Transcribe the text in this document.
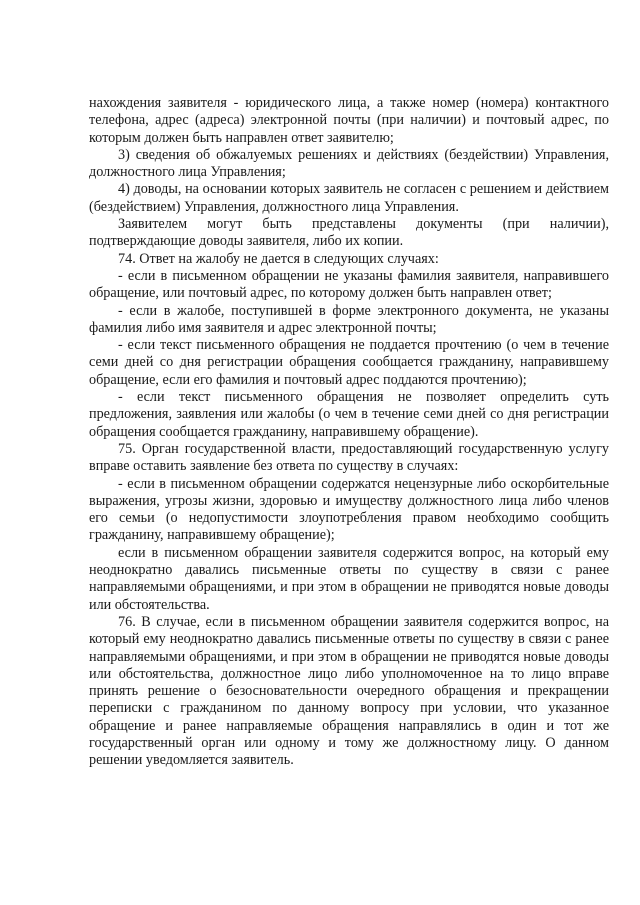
нахождения заявителя - юридического лица, а также номер (номера) контактного телефона, адрес (адреса) электронной почты (при наличии) и почтовый адрес, по которым должен быть направлен ответ заявителю;

3) сведения об обжалуемых решениях и действиях (бездействии) Управления, должностного лица Управления;

4) доводы, на основании которых заявитель не согласен с решением и действием (бездействием) Управления, должностного лица Управления.

Заявителем могут быть представлены документы (при наличии), подтверждающие доводы заявителя, либо их копии.

74. Ответ на жалобу не дается в следующих случаях:

- если в письменном обращении не указаны фамилия заявителя, направившего обращение, или почтовый адрес, по которому должен быть направлен ответ;

- если в жалобе, поступившей в форме электронного документа, не указаны фамилия либо имя заявителя и адрес электронной почты;

- если текст письменного обращения не поддается прочтению (о чем в течение семи дней со дня регистрации обращения сообщается гражданину, направившему обращение, если его фамилия и почтовый адрес поддаются прочтению);

- если текст письменного обращения не позволяет определить суть предложения, заявления или жалобы (о чем в течение семи дней со дня регистрации обращения сообщается гражданину, направившему обращение).

75. Орган государственной власти, предоставляющий государственную услугу вправе оставить заявление без ответа по существу в случаях:

- если в письменном обращении содержатся нецензурные либо оскорбительные выражения, угрозы жизни, здоровью и имуществу должностного лица либо членов его семьи (о недопустимости злоупотребления правом необходимо сообщить гражданину, направившему обращение);

если в письменном обращении заявителя содержится вопрос, на который ему неоднократно давались письменные ответы по существу в связи с ранее направляемыми обращениями, и при этом в обращении не приводятся новые доводы или обстоятельства.

76. В случае, если в письменном обращении заявителя содержится вопрос, на который ему неоднократно давались письменные ответы по существу в связи с ранее направляемыми обращениями, и при этом в обращении не приводятся новые доводы или обстоятельства, должностное лицо либо уполномоченное на то лицо вправе принять решение о безосновательности очередного обращения и прекращении переписки с гражданином по данному вопросу при условии, что указанное обращение и ранее направляемые обращения направлялись в один и тот же государственный орган или одному и тому же должностному лицу. О данном решении уведомляется заявитель.
